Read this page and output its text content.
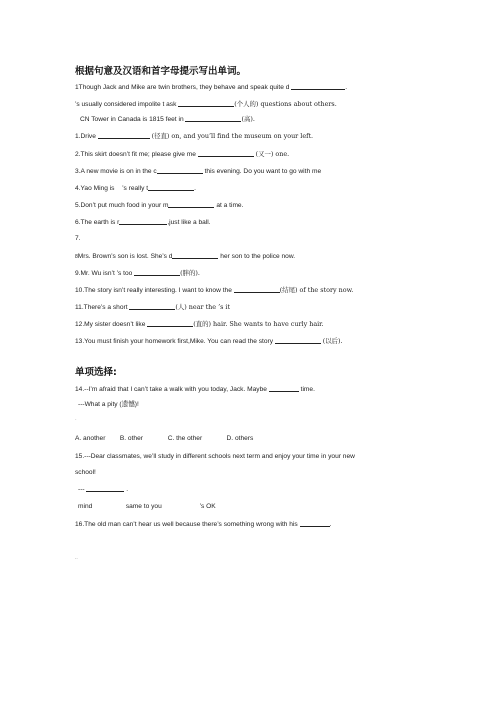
根据句意及汉语和首字母提示写出单词。
1Though Jack and Mike are twin brothers, they behave and speak quite d	.
’s usually considered impolite t ask	(个人的) questions about others.
CN Tower in Canada is 1815 feet in	(高).
1.Drive	(径直) on, and you’ll find the museum on your left.
2.This skirt doesn’t fit me; please give me	(又一) one.
3.A new movie is on in the c	this evening. Do you want to go with me
4.Yao Ming is ’s really t	.
5.Don’t put much food in your m	at a time.
6.The earth is r	,just like a ball.
7.
8Mrs. Brown’s son is lost. She’s d	her son to the police now.
9.Mr. Wu isn’t ’s too	(胖的).
10.The story isn’t really interesting. I want to know the	(结尾) of the story now.
11.There’s a short	(人) near the ’s it
12.My sister doesn’t like	(直的) hair. She wants to have curly hair.
13.You must finish your homework first,Mike. You can read the story	(以后).
单项选择:
14.--I’m afraid that I can’t take a walk with you today, Jack. Maybe	time.
---What a pity (遗憾)!
·
A. another B. other	C. the other	D. others
15.---Dear classmates, we’ll study in different schools next term and enjoy your time in your new
school!
---	.
mind	same to you	’s OK
16.The old man can’t hear us well because there’s something wrong with his	.
..
